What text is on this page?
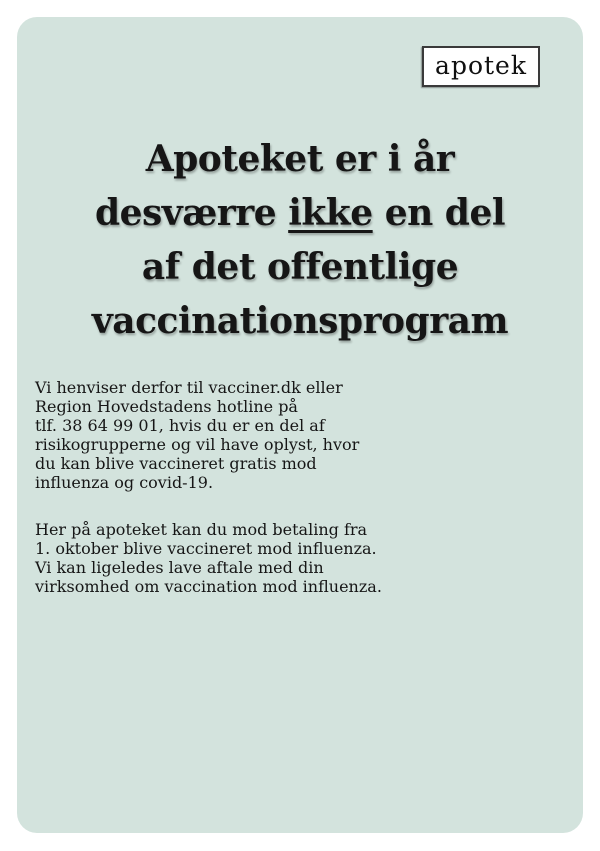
apotek
Apoteket er i år
desværre ikke en del
af det offentlige
vaccinationsprogram

Vi henviser derfor til vacciner.dk eller
Region Hovedstadens hotline på
tlf. 38 64 99 01, hvis du er en del af
risikogrupperne og vil have oplyst, hvor
du kan blive vaccineret gratis mod
influenza og covid-19.

Her på apoteket kan du mod betaling fra
1. oktober blive vaccineret mod influenza.
Vi kan ligeledes lave aftale med din
virksomhed om vaccination mod influenza.
